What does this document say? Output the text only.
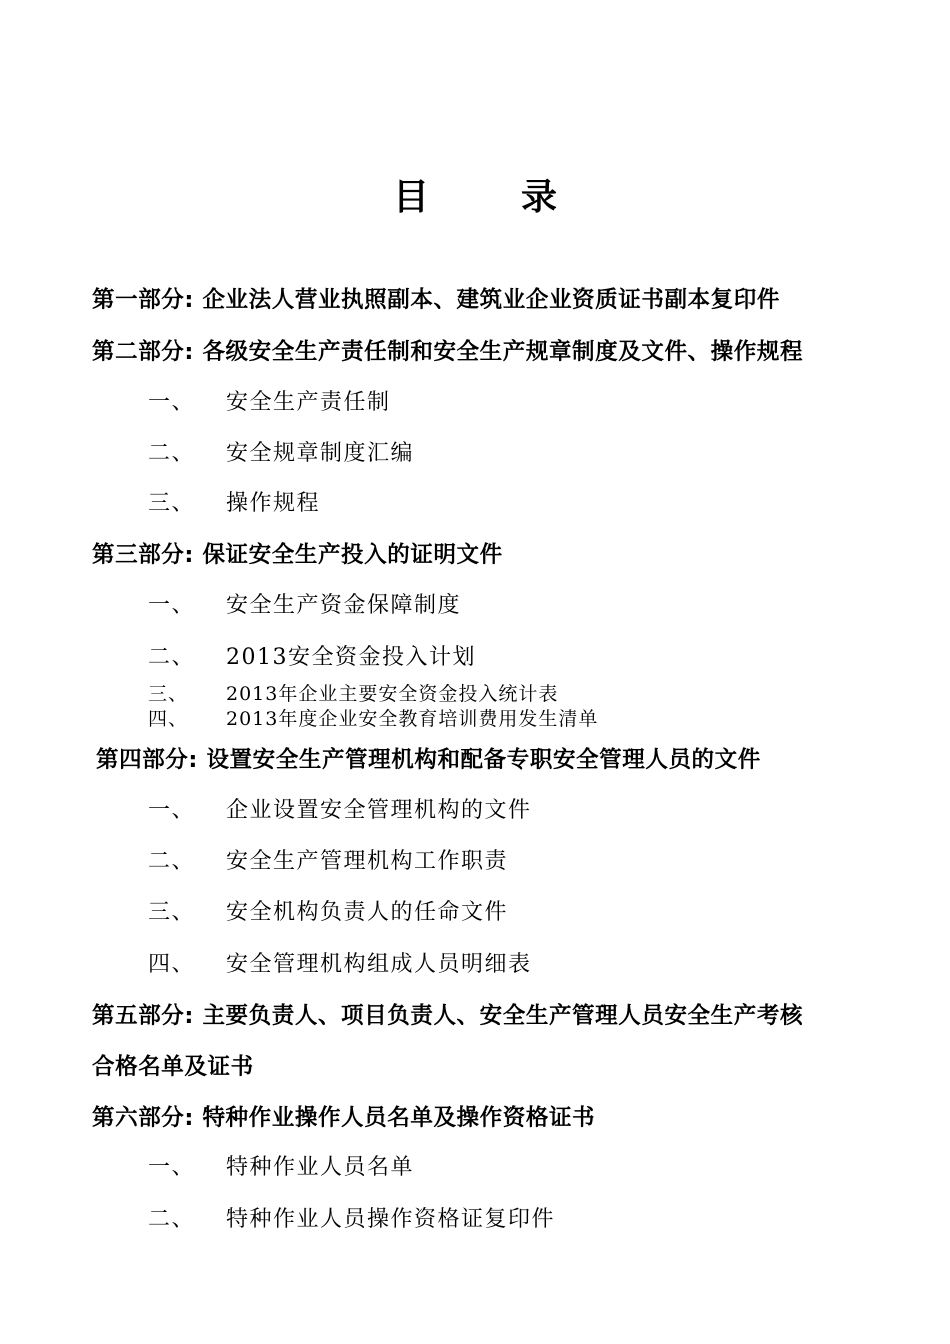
目	录
第一部分: 企业法人营业执照副本、建筑业企业资质证书副本复印件
第二部分: 各级安全生产责任制和安全生产规章制度及文件、操作规程
一、 安全生产责任制
二、 安全规章制度汇编
三、 操作规程
第三部分: 保证安全生产投入的证明文件
一、 安全生产资金保障制度
二、 2013安全资金投入计划
三、 2013年企业主要安全资金投入统计表
四、 2013年度企业安全教育培训费用发生清单
第四部分: 设置安全生产管理机构和配备专职安全管理人员的文件
一、 企业设置安全管理机构的文件
二、 安全生产管理机构工作职责
三、 安全机构负责人的任命文件
四、 安全管理机构组成人员明细表
第五部分: 主要负责人、项目负责人、安全生产管理人员安全生产考核
合格名单及证书
第六部分: 特种作业操作人员名单及操作资格证书
一、 特种作业人员名单
二、 特种作业人员操作资格证复印件
